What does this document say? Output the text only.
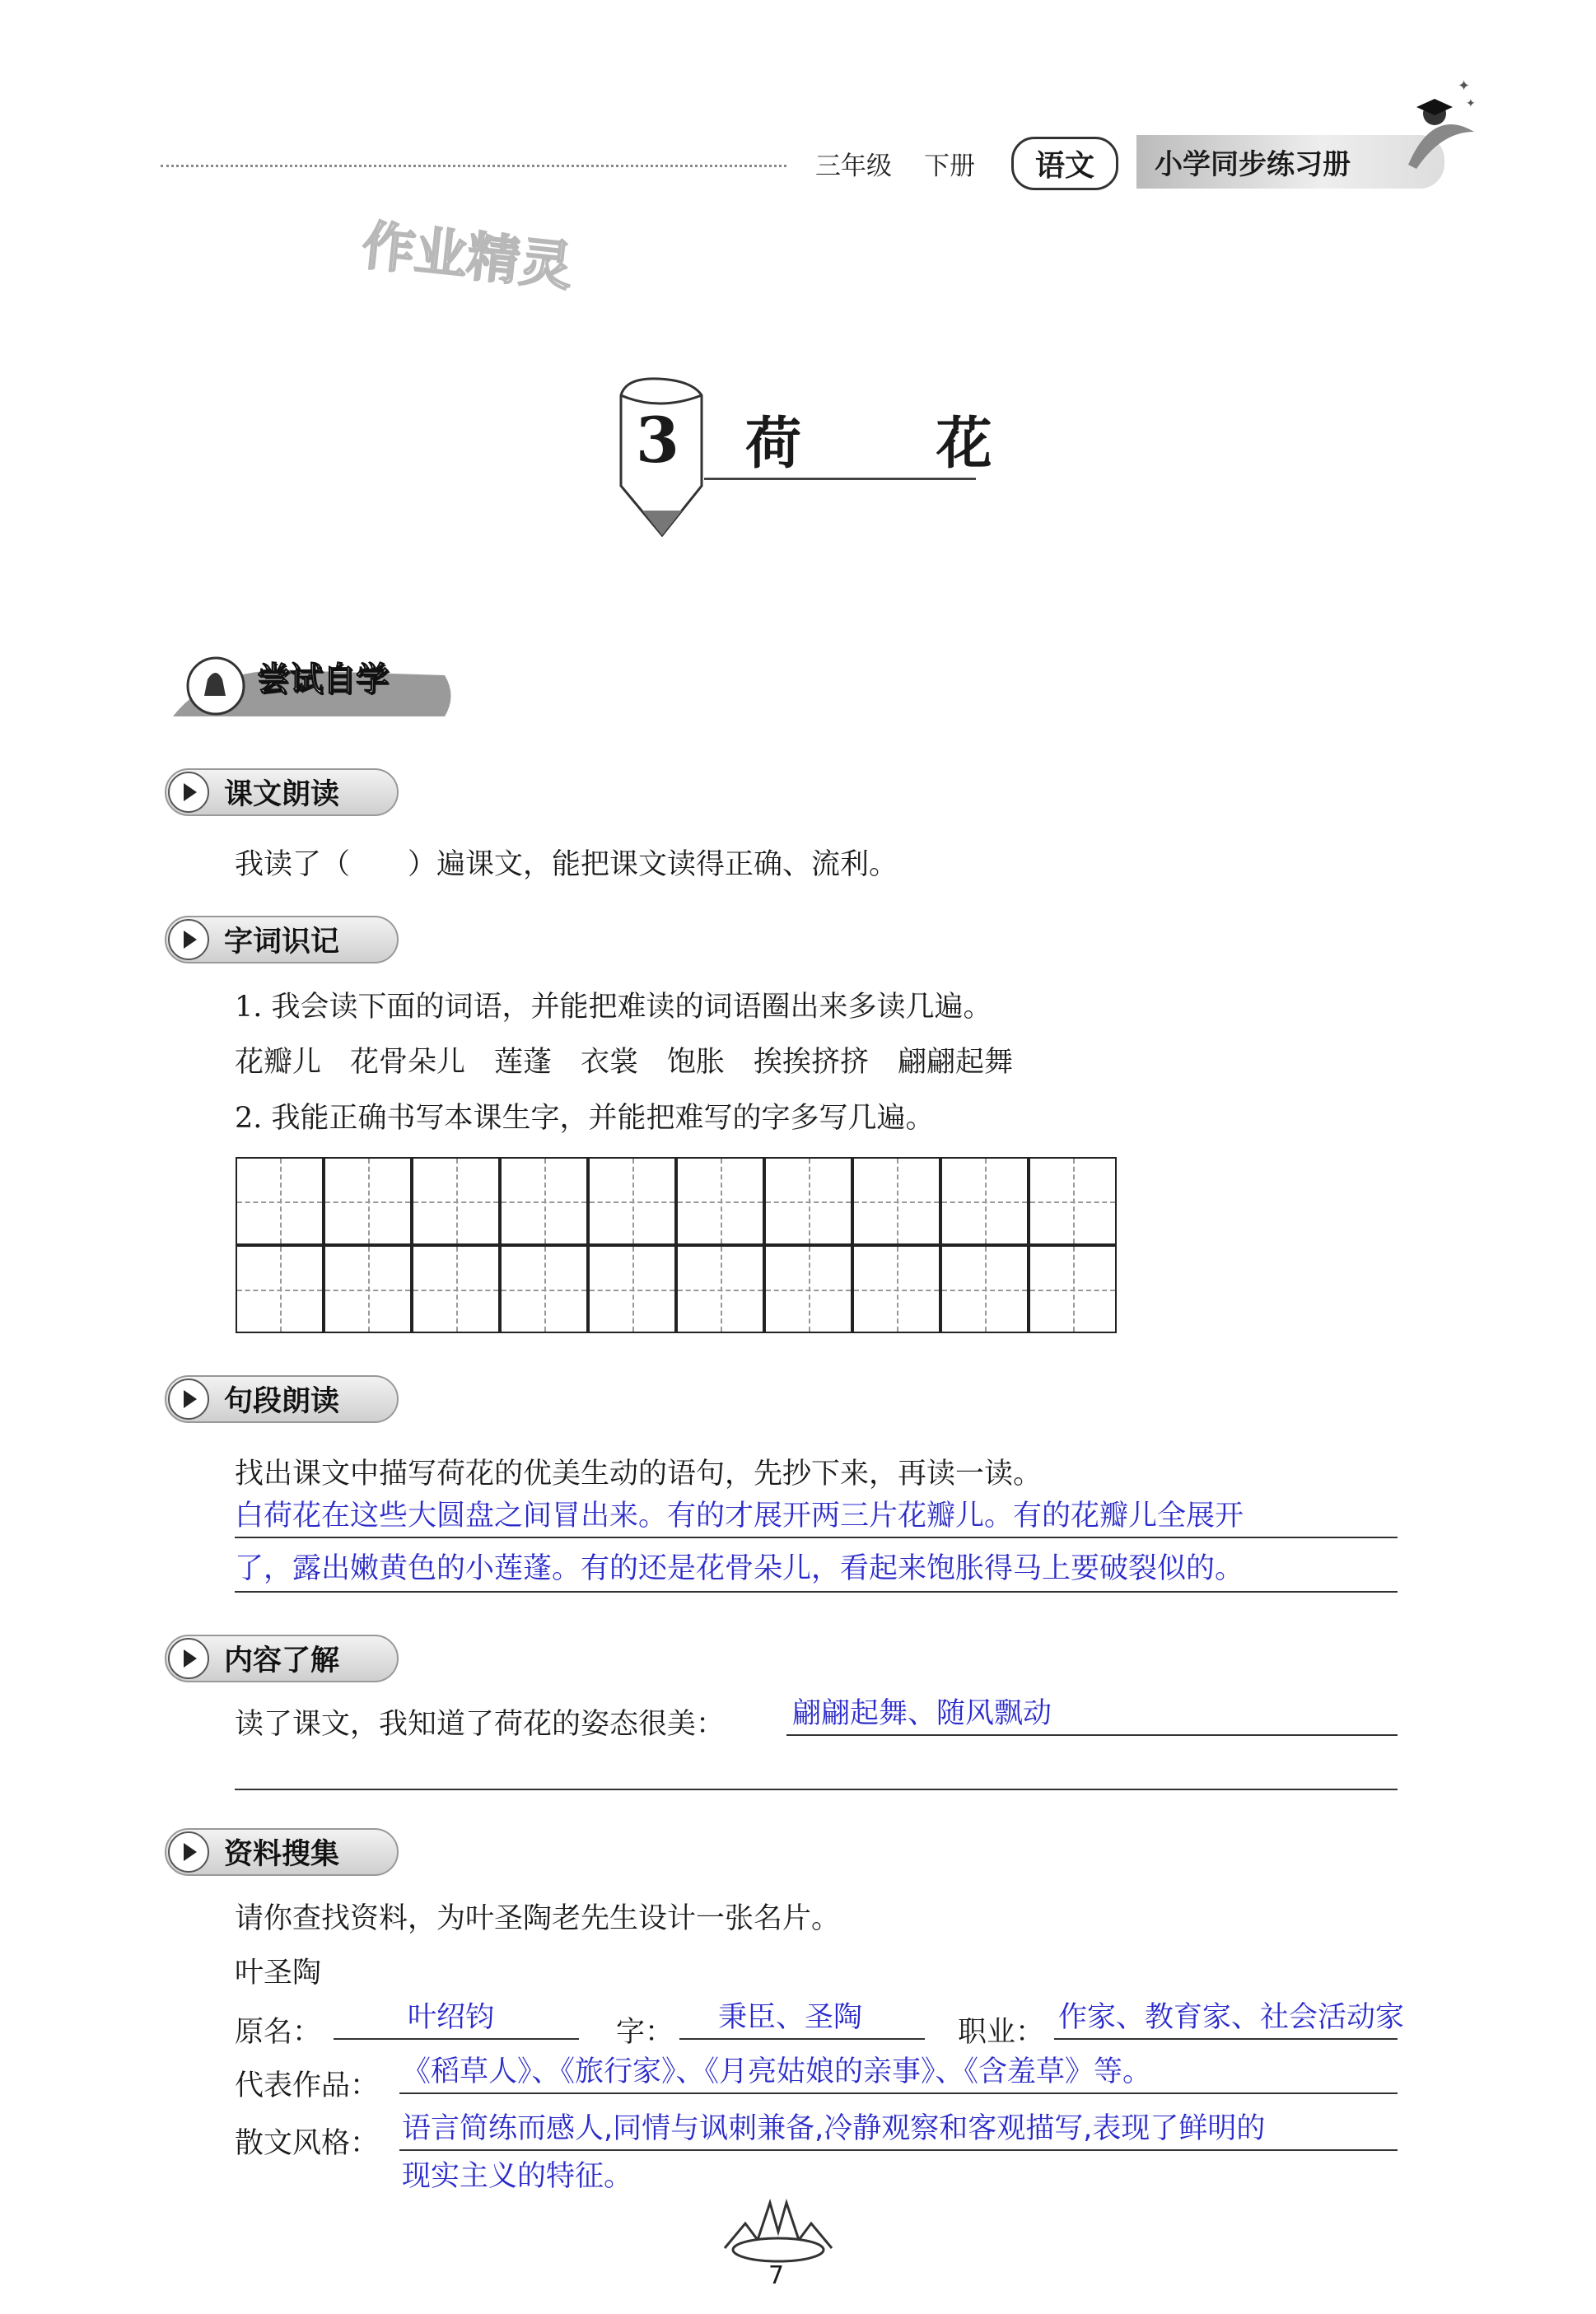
三年级 下册	语文	小学同步练习册
✦
✦
作业精灵
3 荷 花
尝试自学
课文朗读
我读了（　　）遍课文，能把课文读得正确、流利。
字词识记
1. 我会读下面的词语，并能把难读的词语圈出来多读几遍。
花瓣儿　花骨朵儿　莲蓬　衣裳　饱胀　挨挨挤挤　翩翩起舞
2. 我能正确书写本课生字，并能把难写的字多写几遍。
句段朗读
找出课文中描写荷花的优美生动的语句，先抄下来，再读一读。
白荷花在这些大圆盘之间冒出来。有的才展开两三片花瓣儿。有的花瓣儿全展开
了，露出嫩黄色的小莲蓬。有的还是花骨朵儿，看起来饱胀得马上要破裂似的。
内容了解
读了课文，我知道了荷花的姿态很美： 翩翩起舞、随风飘动
资料搜集
请你查找资料，为叶圣陶老先生设计一张名片。
叶圣陶
原名：	叶绍钧	字： 秉臣、圣陶	职业： 作家、教育家、社会活动家
代表作品： 《稻草人》、《旅行家》、《月亮姑娘的亲事》、《含羞草》等。
散文风格： 语言简练而感人,同情与讽刺兼备,冷静观察和客观描写,表现了鲜明的
现实主义的特征。
7
